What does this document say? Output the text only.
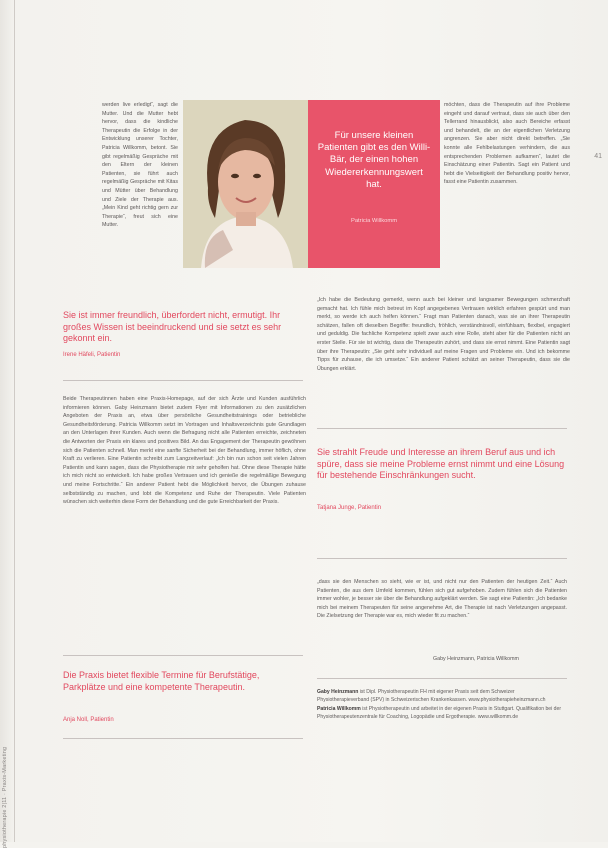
physiotherapie 2|11 · Praxis-Marketing
41

werden live erledigt“, sagt die Mutter. Und die Mutter hebt hervor, dass die kindliche Therapeutin die Erfolge in der Entwicklung unserer Tochter, Patricia Willkomm, betont. Sie gibt regelmäßig Gespräche mit den Eltern der kleinen Patienten, sie führt auch regelmäßig Gespräche mit Kitas und Mütter über Behandlung und Ziele der Therapie aus. „Mein Kind geht richtig gern zur Therapie“, freut sich eine Mutter.

Für unsere kleinen Patienten gibt es den Willi-Bär, der einen hohen Wiedererkennungswert hat.
Patricia Willkomm

möchten, dass die Therapeutin auf ihre Probleme eingeht und darauf vertraut, dass sie auch über den Tellerrand hinausblickt, also auch Bereiche erfasst und behandelt, die an der eigentlichen Verletzung angrenzen. Sie aber nicht direkt betreffen. „Sie konnte alle Fehlbelastungen verhindern, die aus entsprechenden Problemen aufkamen“, lautet die Einschätzung einer Patientin. Sagt ein Patient und hebt die Vielseitigkeit der Behandlung positiv hervor, fasst eine Patientin zusammen.

„Ich habe die Bedeutung gemerkt, wenn auch bei kleiner und langsamer Bewegungen schmerzhaft gemacht hat. Ich fühle mich betreut im Kopf angegebenes Vertrauen wirklich erfahren gespürt und man merkt, so werde ich auch helfen können.“ Fragt man Patienten danach, was sie an ihrer Therapeutin schätzen, fallen oft dieselben Begriffe: freundlich, fröhlich, verständnisvoll, einfühlsam, flexibel, engagiert und geduldig. Die fachliche Kompetenz spielt zwar auch eine Rolle, steht aber für die Patienten nicht an erster Stelle. Für sie ist wichtig, dass die Therapeutin zuhört, und dass sie ernst nimmt. Eine Patientin sagt über ihre Therapeutin: „Sie geht sehr individuell auf meine Fragen und Probleme ein. Und ich bekomme Tipps für zuhause, die ich umsetze.“ Ein anderer Patient schätzt an seiner Therapeutin, dass sie die Übungen erklärt.

Sie ist immer freundlich, überfordert nicht, ermutigt. Ihr großes Wissen ist beeindruckend und sie setzt es sehr gekonnt ein.

Irene Häfeli, Patientin

Beide Therapeutinnen haben eine Praxis-Homepage, auf der sich Ärzte und Kunden ausführlich informieren können. Gaby Heinzmann bietet zudem Flyer mit Informationen zu den zusätzlichen Angeboten der Praxis an, etwa über persönliche Gesundheitstrainings oder betriebliche Gesundheitsförderung. Patricia Willkomm setzt im Vortragen und Inhaltsverzeichnis gute Grundlagen an den Unterlagen ihrer Kunden. Auch wenn die Befragung nicht alle Patienten erreichte, zeichneten die Antworten der Praxis ein klares und positives Bild. An das Engagement der Therapeutin gewöhnen sich die Patienten schnell. Man merkt eine sanfte Sicherheit bei der Behandlung, immer höflich, ohne Kraft zu verlieren. Eine Patientin schreibt zum Langzeitverlauf: „Ich bin nun schon seit vielen Jahren Patientin und kann sagen, dass die Physiotherapie mir sehr geholfen hat. Ohne diese Therapie hätte ich mich nicht so entwickelt. Ich habe großes Vertrauen und ich genieße die regelmäßige Bewegung und meine Fortschritte.“ Ein anderer Patient hebt die Möglichkeit hervor, die Übungen zuhause selbstständig zu machen, und lobt die Kompetenz und Ruhe der Therapeutin. Viele Patienten wünschen sich weiterhin diese Form der Behandlung und die gute Erreichbarkeit der Praxis.

Sie strahlt Freude und Interesse an ihrem Beruf aus und ich spüre, dass sie meine Probleme ernst nimmt und eine Lösung für bestehende Einschränkungen sucht.

Tatjana Junge, Patientin

„dass sie den Menschen so sieht, wie er ist, und nicht nur den Patienten der heutigen Zeit.“ Auch Patienten, die aus dem Umfeld kommen, fühlen sich gut aufgehoben. Zudem fühlen sich die Patienten immer wohler, je besser sie über die Behandlung aufgeklärt werden. Sie sagt eine Patientin: „Ich bedanke mich bei meinem Therapeuten für seine angenehme Art, die Therapie ist nach Verletzungen angepasst. Die Zielsetzung der Therapie war es, mich wieder fit zu machen.“

Gaby Heinzmann, Patricia Willkomm

Die Praxis bietet flexible Termine für Berufstätige, Parkplätze und eine kompetente Therapeutin.

Anja Noll, Patientin

Gaby Heinzmann ist Dipl. Physiotherapeutin FH mit eigener Praxis seit dem Schweizer Physiotherapieverband (SPV) in Schweizerischen Krankenkassen. www.physiotherapieheinzmann.ch
Patricia Willkomm ist Physiotherapeutin und arbeitet in der eigenen Praxis in Stuttgart. Qualifikation bei der Physiotherapeutenzentrale für Coaching, Logopädie und Ergotherapie. www.willkomm.de
